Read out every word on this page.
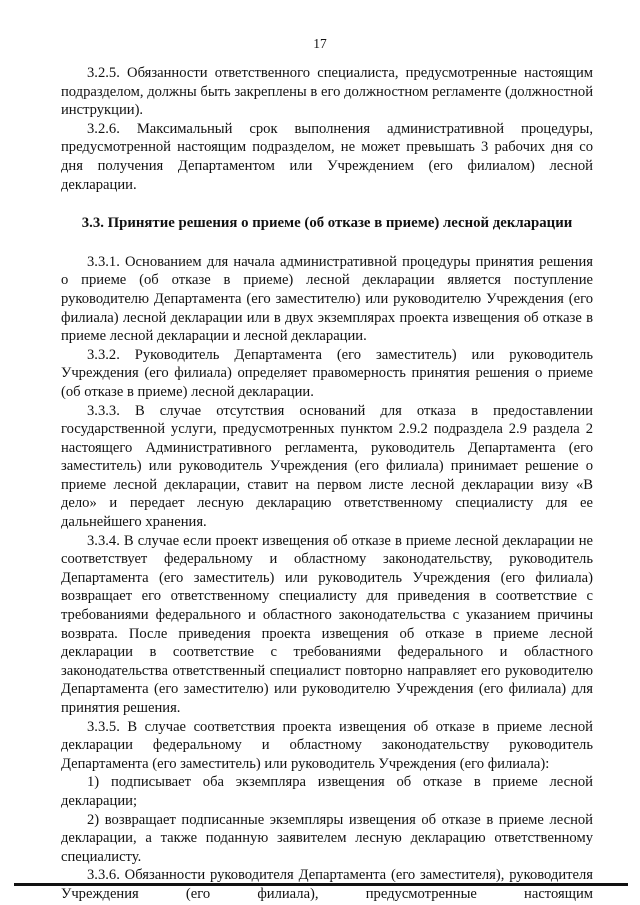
17

3.2.5. Обязанности ответственного специалиста, предусмотренные настоящим подразделом, должны быть закреплены в его должностном регламенте (должностной инструкции).

3.2.6. Максимальный срок выполнения административной процедуры, предусмотренной настоящим подразделом, не может превышать 3 рабочих дня со дня получения Департаментом или Учреждением (его филиалом) лесной декларации.

3.3. Принятие решения о приеме (об отказе в приеме) лесной декларации

3.3.1. Основанием для начала административной процедуры принятия решения о приеме (об отказе в приеме) лесной декларации является поступление руководителю Департамента (его заместителю) или руководителю Учреждения (его филиала) лесной декларации или в двух экземплярах проекта извещения об отказе в приеме лесной декларации и лесной декларации.

3.3.2. Руководитель Департамента (его заместитель) или руководитель Учреждения (его филиала) определяет правомерность принятия решения о приеме (об отказе в приеме) лесной декларации.

3.3.3. В случае отсутствия оснований для отказа в предоставлении государственной услуги, предусмотренных пунктом 2.9.2 подраздела 2.9 раздела 2 настоящего Административного регламента, руководитель Департамента (его заместитель) или руководитель Учреждения (его филиала) принимает решение о приеме лесной декларации, ставит на первом листе лесной декларации визу «В дело» и передает лесную декларацию ответственному специалисту для ее дальнейшего хранения.

3.3.4. В случае если проект извещения об отказе в приеме лесной декларации не соответствует федеральному и областному законодательству, руководитель Департамента (его заместитель) или руководитель Учреждения (его филиала) возвращает его ответственному специалисту для приведения в соответствие с требованиями федерального и областного законодательства с указанием причины возврата. После приведения проекта извещения об отказе в приеме лесной декларации в соответствие с требованиями федерального и областного законодательства ответственный специалист повторно направляет его руководителю Департамента (его заместителю) или руководителю Учреждения (его филиала) для принятия решения.

3.3.5. В случае соответствия проекта извещения об отказе в приеме лесной декларации федеральному и областному законодательству руководитель Департамента (его заместитель) или руководитель Учреждения (его филиала):

1) подписывает оба экземпляра извещения об отказе в приеме лесной декларации;

2) возвращает подписанные экземпляры извещения об отказе в приеме лесной декларации, а также поданную заявителем лесную декларацию ответственному специалисту.

3.3.6. Обязанности руководителя Департамента (его заместителя), руководителя Учреждения (его филиала), предусмотренные настоящим
